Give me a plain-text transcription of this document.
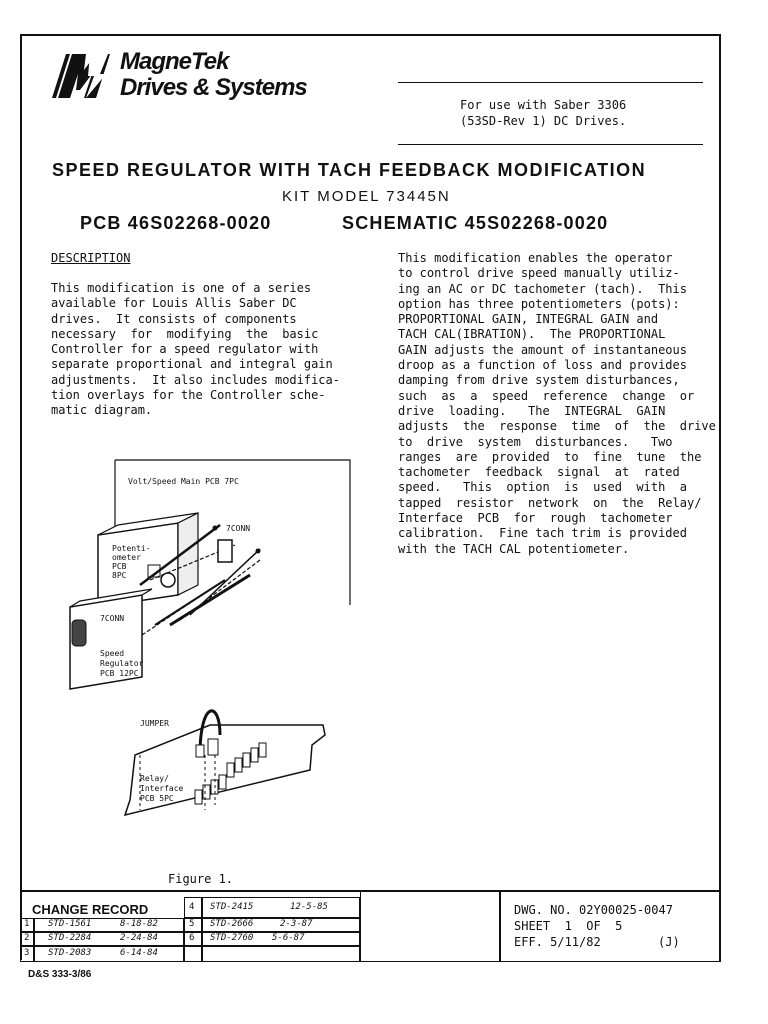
MagneTek
Drives & Systems
For use with Saber 3306
(53SD-Rev 1) DC Drives.
SPEED REGULATOR WITH TACH FEEDBACK MODIFICATION
KIT MODEL 73445N
PCB 46S02268-0020	SCHEMATIC 45S02268-0020
DESCRIPTION
This modification is one of a series
available for Louis Allis Saber DC
drives.  It consists of components
necessary  for  modifying  the  basic
Controller for a speed regulator with
separate proportional and integral gain
adjustments.  It also includes modifica-
tion overlays for the Controller sche-
matic diagram.
This modification enables the operator
to control drive speed manually utiliz-
ing an AC or DC tachometer (tach).  This
option has three potentiometers (pots):
PROPORTIONAL GAIN, INTEGRAL GAIN and
TACH CAL(IBRATION).  The PROPORTIONAL
GAIN adjusts the amount of instantaneous
droop as a function of loss and provides
damping from drive system disturbances,
such  as  a  speed  reference  change  or
drive  loading.   The  INTEGRAL  GAIN
adjusts  the  response  time  of  the  drive
to  drive  system  disturbances.   Two
ranges  are  provided  to  fine  tune  the
tachometer  feedback  signal  at  rated
speed.   This  option  is  used  with  a
tapped  resistor  network  on  the  Relay/
Interface  PCB  for  rough  tachometer
calibration.  Fine tach trim is provided
with the TACH CAL potentiometer.
Volt/Speed Main PCB 7PC
7CONN
Potenti-
ometer
PCB
8PC
7CONN
Speed
Regulator
PCB 12PC
JUMPER
Relay/
Interface
PCB 5PC
Figure 1.
CHANGE RECORD
1 STD-1561	8-18-82
2 STD-2284	2-24-84
3 STD-2083	6-14-84
4 STD-2415	12-5-85
5 STD-2666	2-3-87
6 STD-2760 5-6-87
DWG. NO. 02Y00025-0047
SHEET  1  OF  5
EFF. 5/11/82	(J)
D&S 333-3/86
